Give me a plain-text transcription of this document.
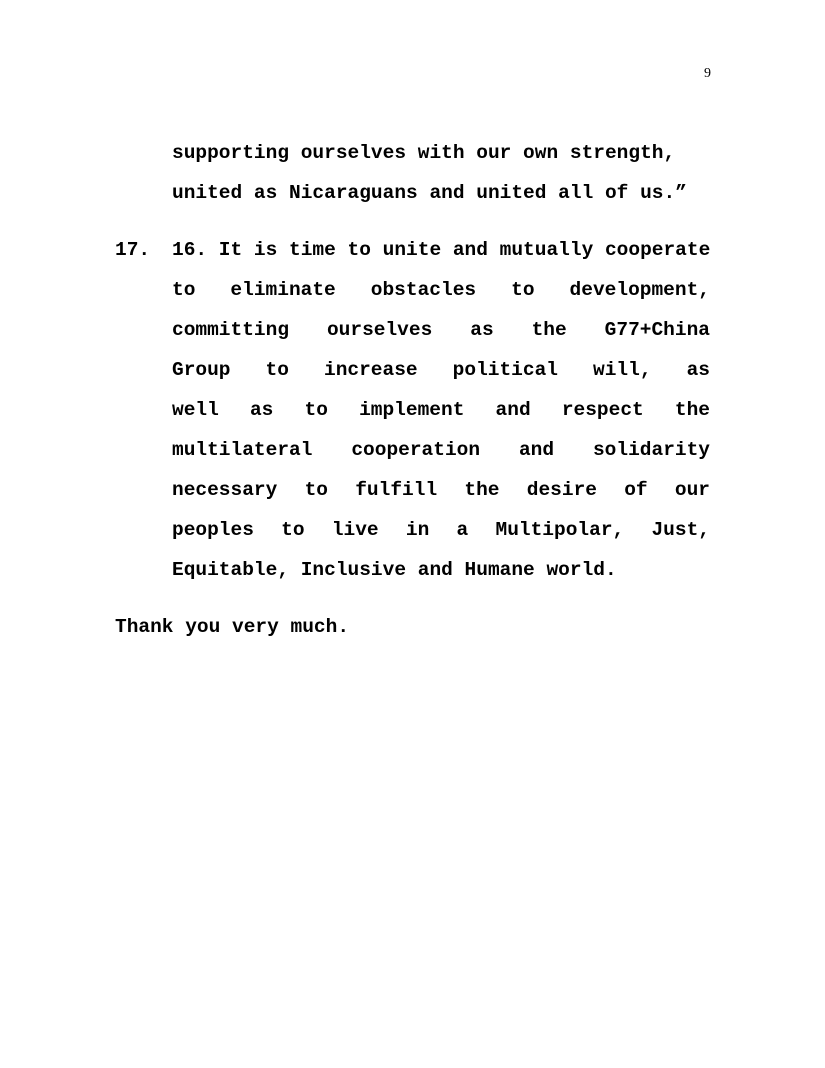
9
supporting ourselves with our own strength,
united as Nicaraguans and united all of us.”
17. 16. It is time to unite and mutually cooperate
to eliminate obstacles to development,
committing ourselves as the G77+China
Group to increase political will, as
well as to implement and respect the
multilateral cooperation and solidarity
necessary to fulfill the desire of our
peoples to live in a Multipolar, Just,
Equitable, Inclusive and Humane world.
Thank you very much.
